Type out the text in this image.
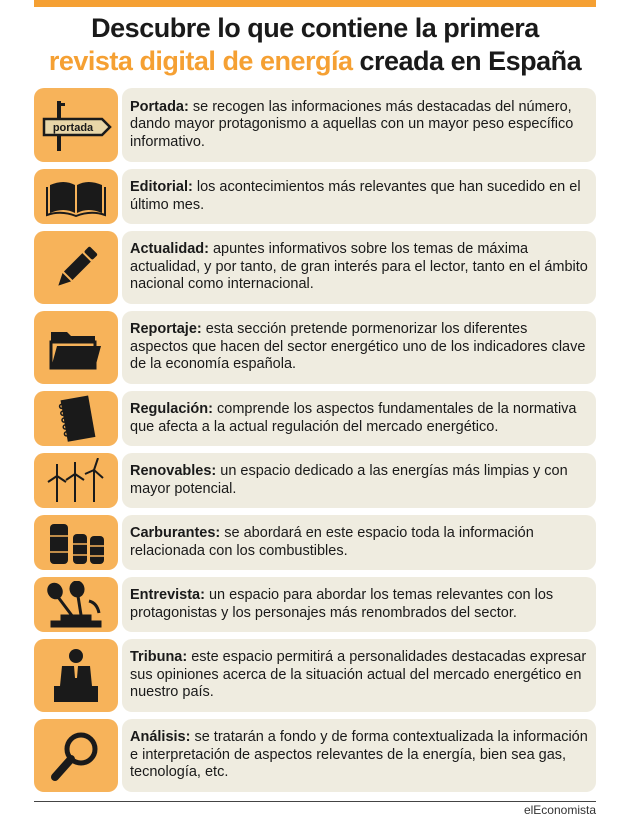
Descubre lo que contiene la primera
revista digital de energía creada en España
portada

Portada: se recogen las informaciones más destacadas del número, dando mayor protagonismo a aquellas con un mayor peso específico informativo.

Editorial: los acontecimientos más relevantes que han sucedido en el último mes.

Actualidad: apuntes informativos sobre los temas de máxima actualidad, y por tanto, de gran interés para el lector, tanto en el ámbito nacional como internacional.

Reportaje: esta sección pretende pormenorizar los diferentes aspectos que hacen del sector energético uno de los indicadores clave de la economía española.

Regulación: comprende los aspectos fundamentales de la normativa que afecta a la actual regulación del mercado energético.

Renovables: un espacio dedicado a las energías más limpias y con mayor potencial.

Carburantes: se abordará en este espacio toda la información relacionada con los combustibles.

Entrevista: un espacio para abordar los temas relevantes con los protagonistas y los personajes más renombrados del sector.

Tribuna: este espacio permitirá a personalidades destacadas expresar sus opiniones acerca de la situación actual del mercado energético en nuestro país.

Análisis: se tratarán a fondo y de forma contextualizada la información e interpretación de aspectos relevantes de la energía, bien sea gas, tecnología, etc.

elEconomista
